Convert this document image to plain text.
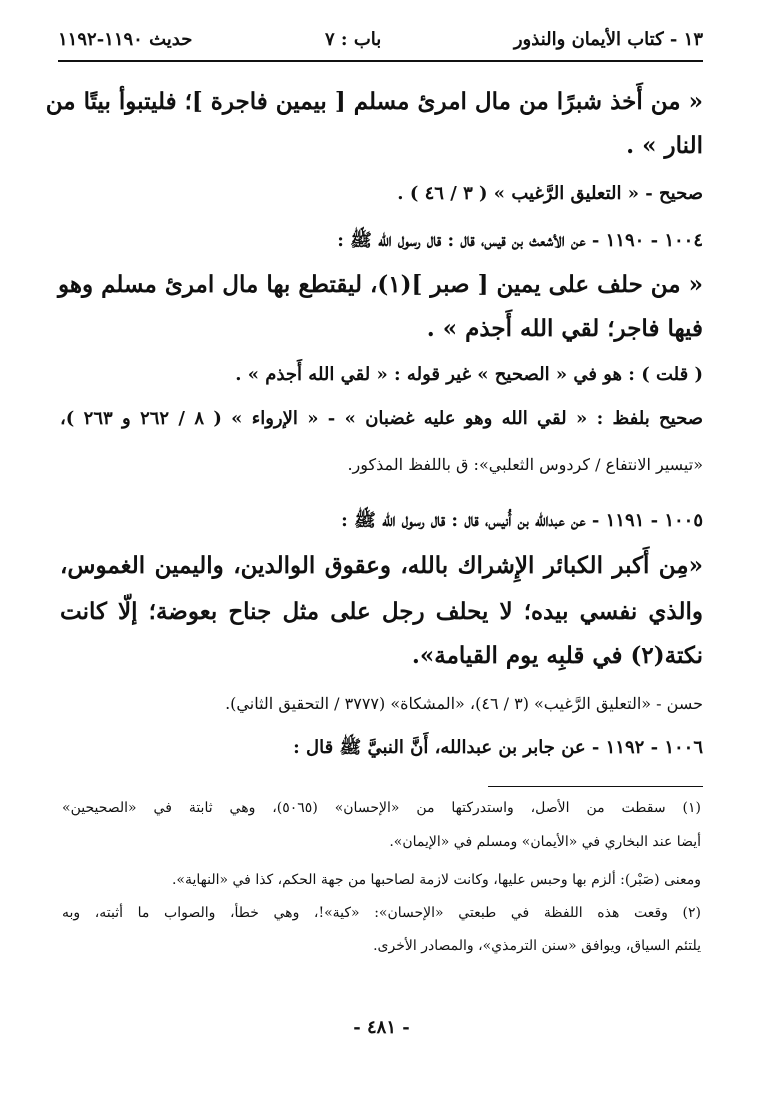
١٣ - كتاب الأيمان والنذور
باب : ٧
حديث ١١٩٠-١١٩٢
« من أَخذ شبرًا من مال امرئ مسلم [ بيمين فاجرة ]؛ فليتبوأ بيتًا من
النار » .
صحيح - « التعليق الرَّغيب » ( ٣ / ٤٦ ) .
١٠٠٤ - ١١٩٠ - عن الأشعث بن قيس، قال : قال رسول الله ﷺ :
« من حلف على يمين [ صبر ](١)، ليقتطع بها مال امرئ مسلم وهو
فيها فاجر؛ لقي الله أَجذم » .
( قلت ) : هو في « الصحيح » غير قوله : « لقي الله أَجذم » .
صحيح بلفظ : « لقي الله وهو عليه غضبان » - « الإرواء » ( ٨ / ٢٦٢ و ٢٦٣ )،
«تيسير الانتفاع / كردوس الثعلبي»: ق باللفظ المذكور.
١٠٠٥ - ١١٩١ - عن عبدالله بن أُنيس، قال : قال رسول الله ﷺ :
«مِن أَكبر الكبائر الإِشراك بالله، وعقوق الوالدين، واليمين الغموس،
والذي نفسي بيده؛ لا يحلف رجل على مثل جناح بعوضة؛ إلّا كانت
نكتة(٢) في قلبِه يوم القيامة».
حسن - «التعليق الرَّغيب» (٣ / ٤٦)، «المشكاة» (٣٧٧٧ / التحقيق الثاني).
١٠٠٦ - ١١٩٢ - عن جابر بن عبدالله، أَنَّ النبيَّ ﷺ قال :
(١) سقطت من الأصل، واستدركتها من «الإحسان» (٥٠٦٥)، وهي ثابتة في «الصحيحين»
أيضا عند البخاري في «الأيمان» ومسلم في «الإيمان».
ومعنى (صَبْر): ألزم بها وحبس عليها، وكانت لازمة لصاحبها من جهة الحكم، كذا في «النهاية».
(٢) وقعت هذه اللفظة في طبعتي «الإحسان»: «كية»!، وهي خطأ، والصواب ما أثبته، وبه
يلتئم السياق، ويوافق «سنن الترمذي»، والمصادر الأخرى.
- ٤٨١ -
